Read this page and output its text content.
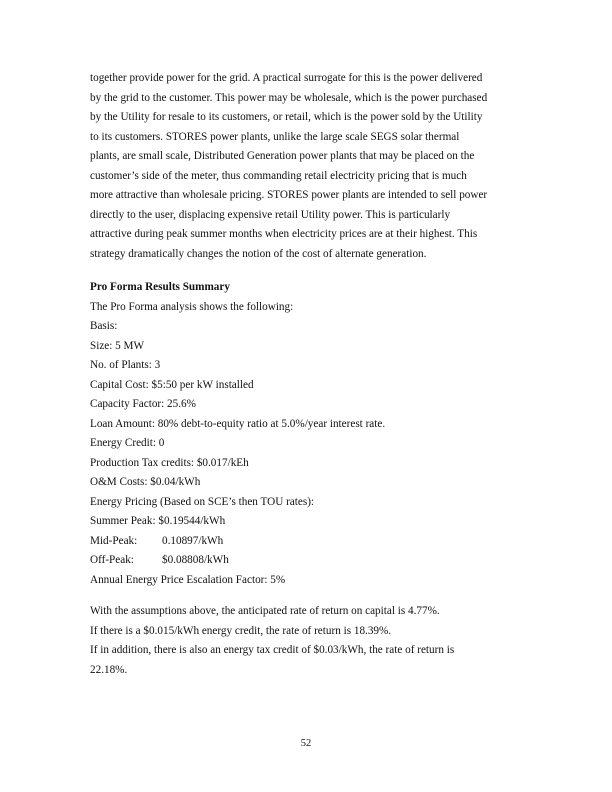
together provide power for the grid. A practical surrogate for this is the power delivered

by the grid to the customer. This power may be wholesale, which is the power purchased

by the Utility for resale to its customers, or retail, which is the power sold by the Utility

to its customers. STORES power plants, unlike the large scale SEGS solar thermal

plants, are small scale, Distributed Generation power plants that may be placed on the

customer’s side of the meter, thus commanding retail electricity pricing that is much

more attractive than wholesale pricing. STORES power plants are intended to sell power

directly to the user, displacing expensive retail Utility power. This is particularly

attractive during peak summer months when electricity prices are at their highest. This

strategy dramatically changes the notion of the cost of alternate generation.

Pro Forma Results Summary

The Pro Forma analysis shows the following:

Basis:

Size: 5 MW

No. of Plants: 3

Capital Cost: $5:50 per kW installed

Capacity Factor: 25.6%

Loan Amount: 80% debt-to-equity ratio at 5.0%/year interest rate.

Energy Credit: 0

Production Tax credits: $0.017/kEh

O&M Costs: $0.04/kWh

Energy Pricing (Based on SCE’s then TOU rates):

Summer Peak: $0.19544/kWh

Mid-Peak:	0.10897/kWh

Off-Peak:	$0.08808/kWh

Annual Energy Price Escalation Factor: 5%

With the assumptions above, the anticipated rate of return on capital is 4.77%.

If there is a $0.015/kWh energy credit, the rate of return is 18.39%.

If in addition, there is also an energy tax credit of $0.03/kWh, the rate of return is

22.18%.

52
